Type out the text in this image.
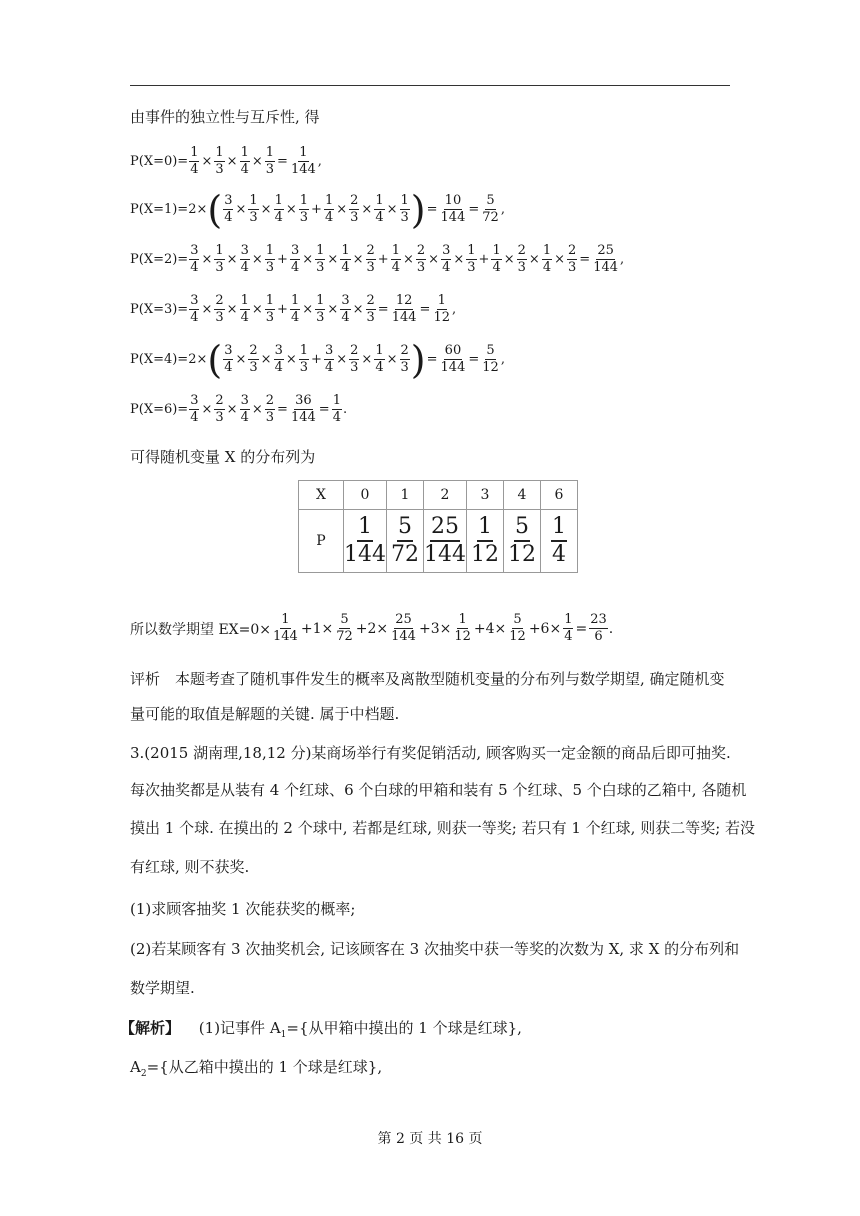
由事件的独立性与互斥性, 得
$P(X=0)= \frac{1}{4} \times \frac{1}{3} \times \frac{1}{4} \times \frac{1}{3} = \frac{1}{144}$ ,
P(X=1)=2× ( $\frac{3}{4} \times \frac{1}{3} \times \frac{1}{4} \times \frac{1}{3} + \frac{1}{4} \times \frac{2}{3} \times \frac{1}{4} \times \frac{1}{3}$ ) = $\frac{10}{144} = \frac{5}{72}$ ,
$P(X=2)= \frac{3}{4} \times \frac{1}{3} \times \frac{3}{4} \times \frac{1}{3} + \frac{3}{4} \times \frac{1}{3} \times \frac{1}{4} \times \frac{2}{3} + \frac{1}{4} \times \frac{2}{3} \times \frac{3}{4} \times \frac{1}{3} + \frac{1}{4} \times \frac{2}{3} \times \frac{1}{4} \times \frac{2}{3} = \frac{25}{144}$ ,
$P(X=3)= \frac{3}{4} \times \frac{2}{3} \times \frac{1}{4} \times \frac{1}{3} + \frac{1}{4} \times \frac{1}{3} \times \frac{3}{4} \times \frac{2}{3} = \frac{12}{144} = \frac{1}{12}$ ,
P(X=4)=2× ( $\frac{3}{4} \times \frac{2}{3} \times \frac{3}{4} \times \frac{1}{3} + \frac{3}{4} \times \frac{2}{3} \times \frac{1}{4} \times \frac{2}{3}$ ) = $\frac{60}{144} = \frac{5}{12}$ ,
$P(X=6)= \frac{3}{4} \times \frac{2}{3} \times \frac{3}{4} \times \frac{2}{3} = \frac{36}{144} = \frac{1}{4}$ .
可得随机变量 X 的分布列为
X	0	1	2	3	4	6
P	$\frac{1}{144}$	$\frac{5}{72}$	$\frac{25}{144}$	$\frac{1}{12}$	$\frac{5}{12}$	$\frac{1}{4}$
所以数学期望 $EX=0\times \frac{1}{144} +1\times \frac{5}{72} +2\times \frac{25}{144} +3\times \frac{1}{12} +4\times \frac{5}{12} +6\times \frac{1}{4} = \frac{23}{6}$ .
评析　本题考查了随机事件发生的概率及离散型随机变量的分布列与数学期望, 确定随机变
量可能的取值是解题的关键. 属于中档题.
3.(2015 湖南理,18,12 分)某商场举行有奖促销活动, 顾客购买一定金额的商品后即可抽奖.
每次抽奖都是从装有 4 个红球、6 个白球的甲箱和装有 5 个红球、5 个白球的乙箱中, 各随机
摸出 1 个球. 在摸出的 2 个球中, 若都是红球, 则获一等奖; 若只有 1 个红球, 则获二等奖; 若没
有红球, 则不获奖.
(1)求顾客抽奖 1 次能获奖的概率;
(2)若某顾客有 3 次抽奖机会, 记该顾客在 3 次抽奖中获一等奖的次数为 X, 求 X 的分布列和
数学期望.
【解析】 (1)记事件 $A_1=${从甲箱中摸出的 1 个球是红球},
$A_2=${从乙箱中摸出的 1 个球是红球},
第 2 页 共 16 页
